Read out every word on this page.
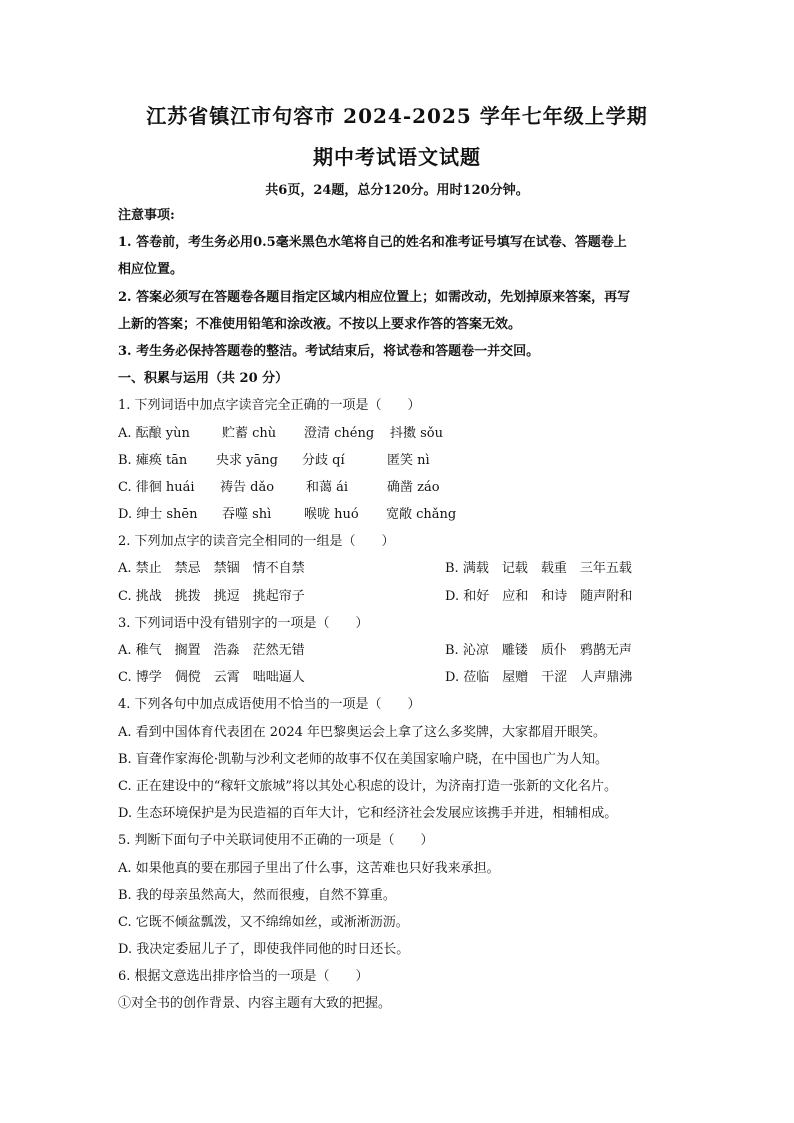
江苏省镇江市句容市 2024-2025 学年七年级上学期
期中考试语文试题

共6页，24题，总分120分。用时120分钟。

注意事项:
1. 答卷前，考生务必用0.5毫米黑色水笔将自己的姓名和准考证号填写在试卷、答题卷上
相应位置。
2. 答案必须写在答题卷各题目指定区域内相应位置上；如需改动，先划掉原来答案，再写
上新的答案；不准使用铅笔和涂改液。不按以上要求作答的答案无效。
3. 考生务必保持答题卷的整洁。考试结束后，将试卷和答题卷一并交回。
一、积累与运用（共 20 分）
1. 下列词语中加点字读音完全正确的一项是（　　）
A. 酝酿 yùn	贮蓄 chù	澄清 chéng	抖擞 sǒu
B. 瘫痪 tān	央求 yāng	分歧 qí	匿笑 nì
C. 徘徊 huái	祷告 dǎo	和蔼 ái	确凿 záo
D. 绅士 shēn	吞噬 shì	喉咙 huó	宽敞 chǎng
2. 下列加点字的读音完全相同的一组是（　　）
A. 禁止　禁忌　禁锢　情不自禁	B. 满载　记载　载重　三年五载
C. 挑战　挑拨　挑逗　挑起帘子	D. 和好　应和　和诗　随声附和
3. 下列词语中没有错别字的一项是（　　）
A. 稚气　搁置　浩淼　茫然无错	B. 沁凉　雕镂　质仆　鸦鹊无声
C. 博学　倜傥　云霄　咄咄逼人	D. 莅临　屋赠　干涩　人声鼎沸
4. 下列各句中加点成语使用不恰当的一项是（　　）
A. 看到中国体育代表团在 2024 年巴黎奥运会上拿了这么多奖牌，大家都眉开眼笑。
B. 盲聋作家海伦·凯勒与沙利文老师的故事不仅在美国家喻户晓，在中国也广为人知。
C. 正在建设中的“稼轩文旅城”将以其处心积虑的设计，为济南打造一张新的文化名片。
D. 生态环境保护是为民造福的百年大计，它和经济社会发展应该携手并进，相辅相成。
5. 判断下面句子中关联词使用不正确的一项是（　　）
A. 如果他真的要在那园子里出了什么事，这苦难也只好我来承担。
B. 我的母亲虽然高大，然而很瘦，自然不算重。
C. 它既不倾盆瓢泼，又不绵绵如丝，或淅淅沥沥。
D. 我决定委屈儿子了，即使我伴同他的时日还长。
6. 根据文意选出排序恰当的一项是（　　）
①对全书的创作背景、内容主题有大致的把握。
